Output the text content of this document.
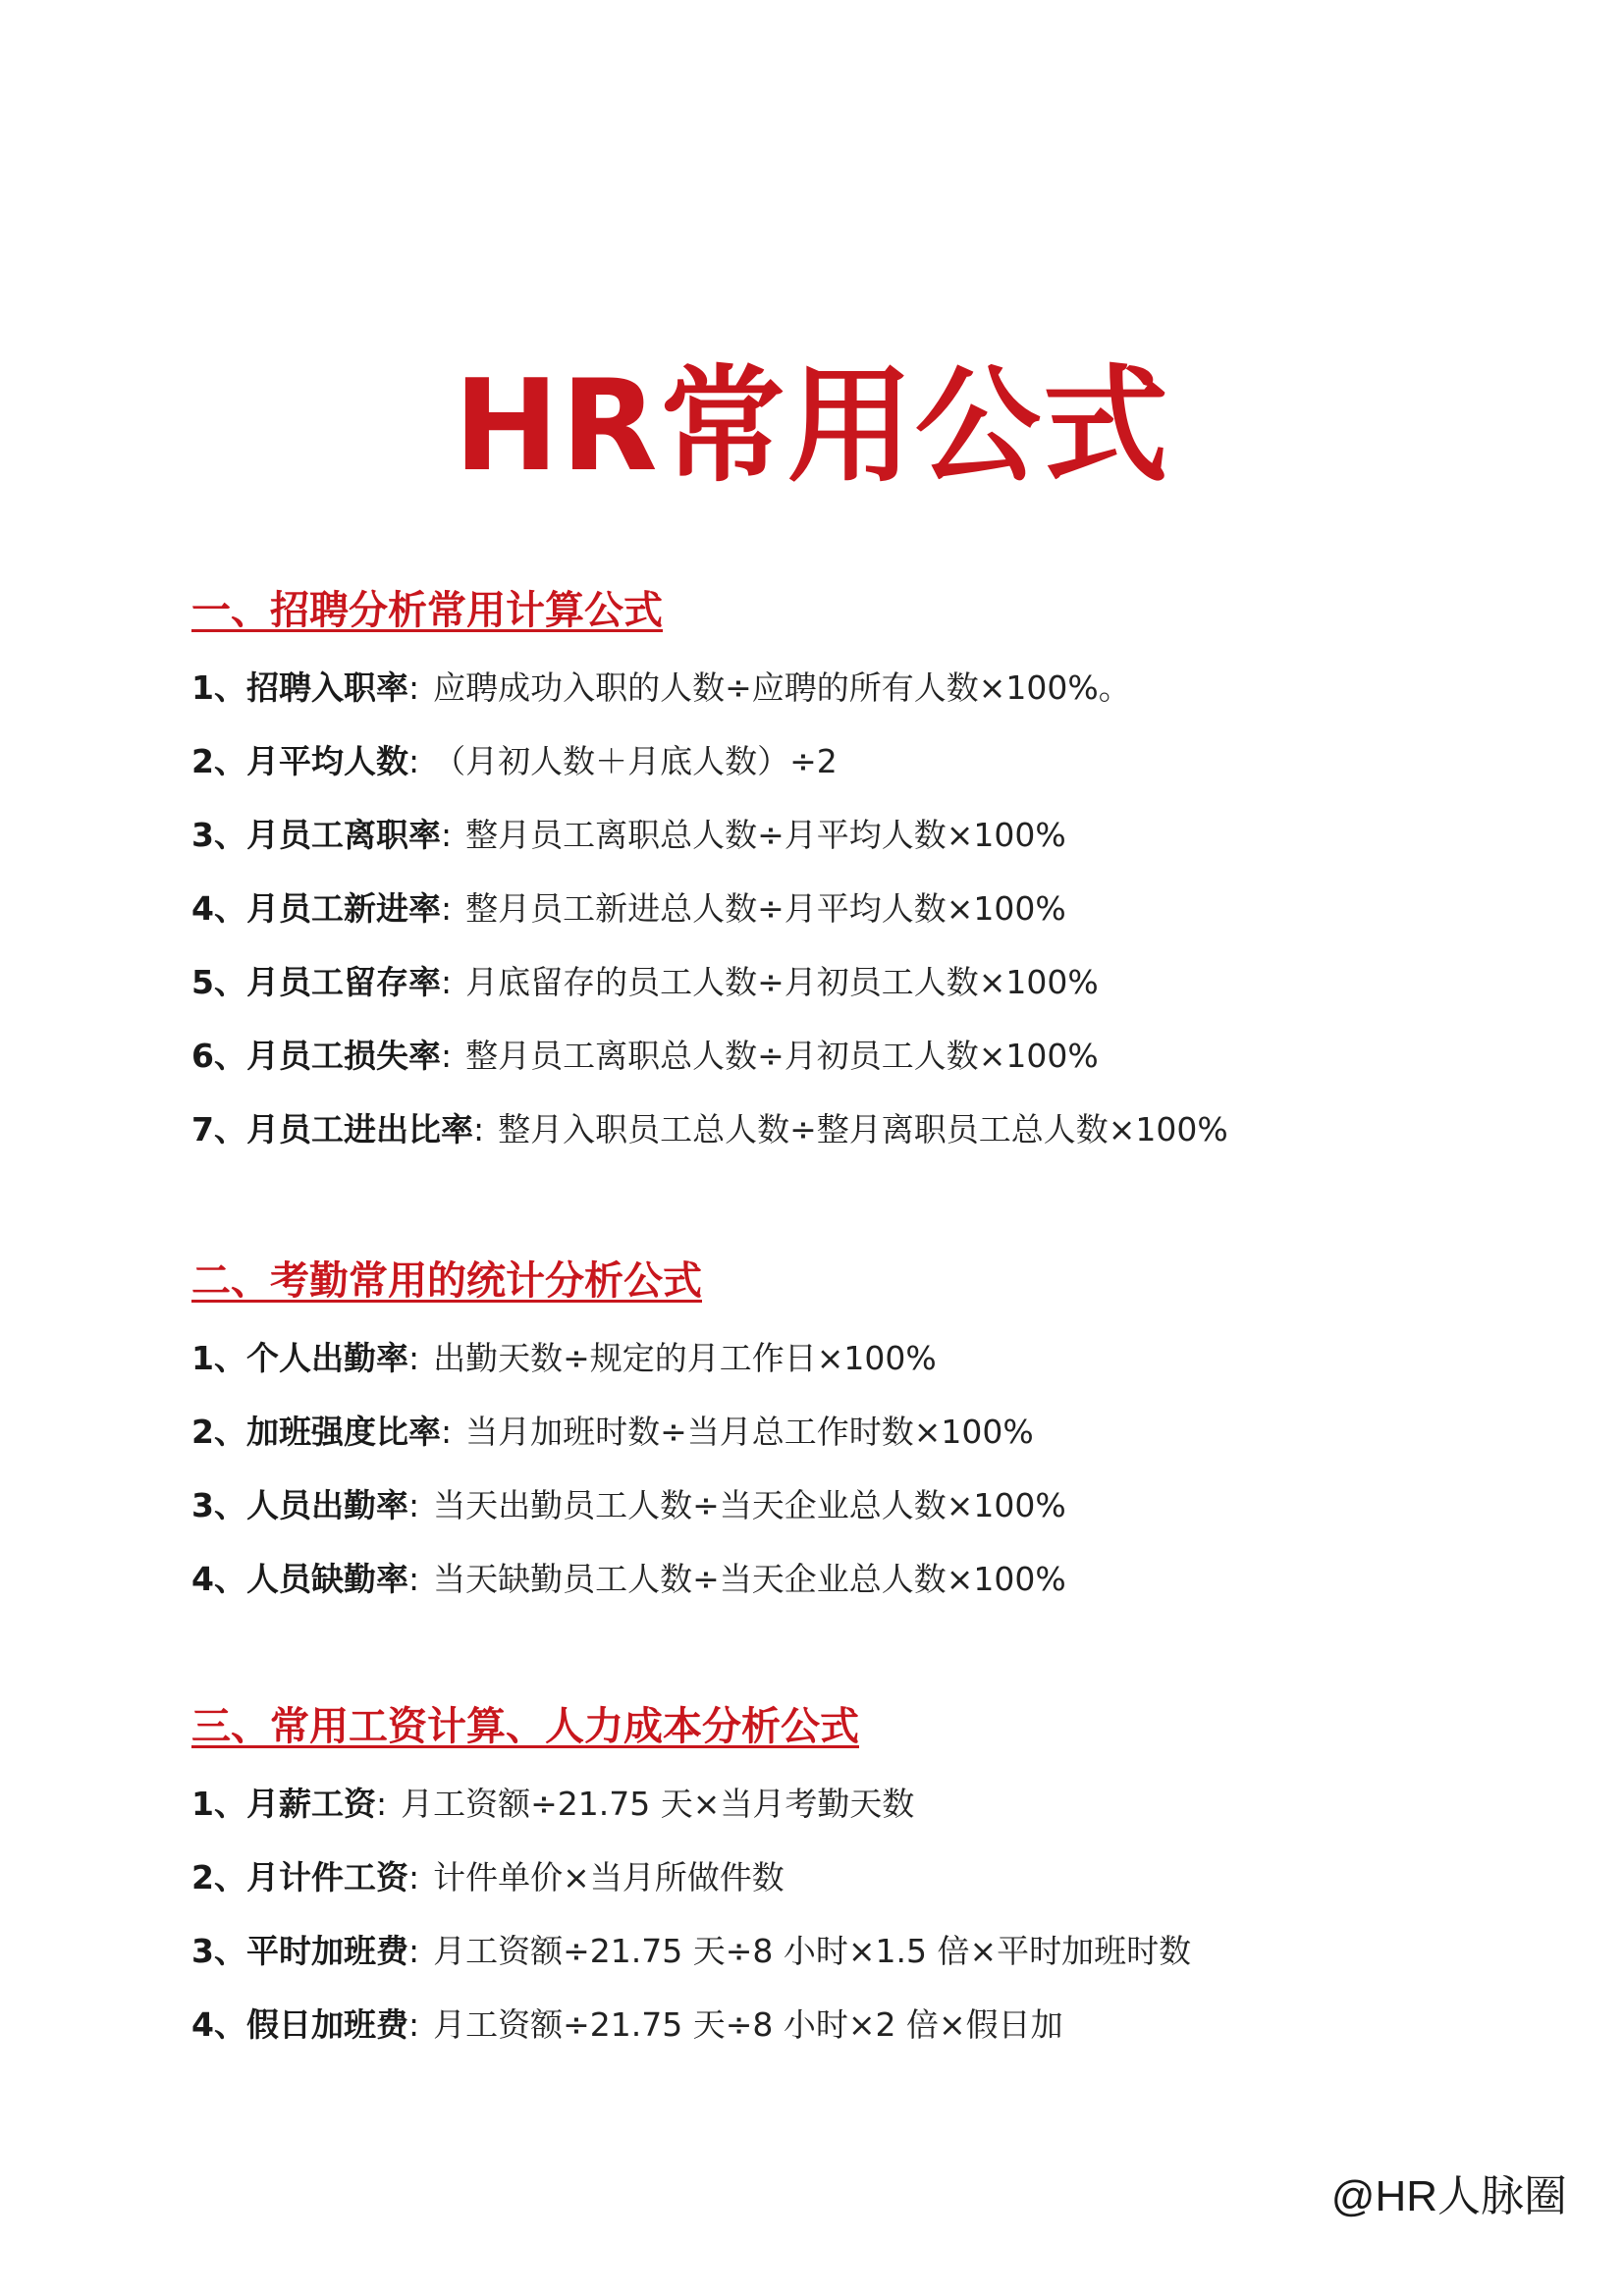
HR常用公式
一、招聘分析常用计算公式
1、招聘入职率: 应聘成功入职的人数÷应聘的所有人数×100%。
2、月平均人数: （月初人数＋月底人数）÷2
3、月员工离职率: 整月员工离职总人数÷月平均人数×100%
4、月员工新进率: 整月员工新进总人数÷月平均人数×100%
5、月员工留存率: 月底留存的员工人数÷月初员工人数×100%
6、月员工损失率: 整月员工离职总人数÷月初员工人数×100%
7、月员工进出比率: 整月入职员工总人数÷整月离职员工总人数×100%
二、考勤常用的统计分析公式
1、个人出勤率: 出勤天数÷规定的月工作日×100%
2、加班强度比率: 当月加班时数÷当月总工作时数×100%
3、人员出勤率: 当天出勤员工人数÷当天企业总人数×100%
4、人员缺勤率: 当天缺勤员工人数÷当天企业总人数×100%
三、常用工资计算、人力成本分析公式
1、月薪工资: 月工资额÷21.75 天×当月考勤天数
2、月计件工资: 计件单价×当月所做件数
3、平时加班费: 月工资额÷21.75 天÷8 小时×1.5 倍×平时加班时数
4、假日加班费: 月工资额÷21.75 天÷8 小时×2 倍×假日加
@HR人脉圈
